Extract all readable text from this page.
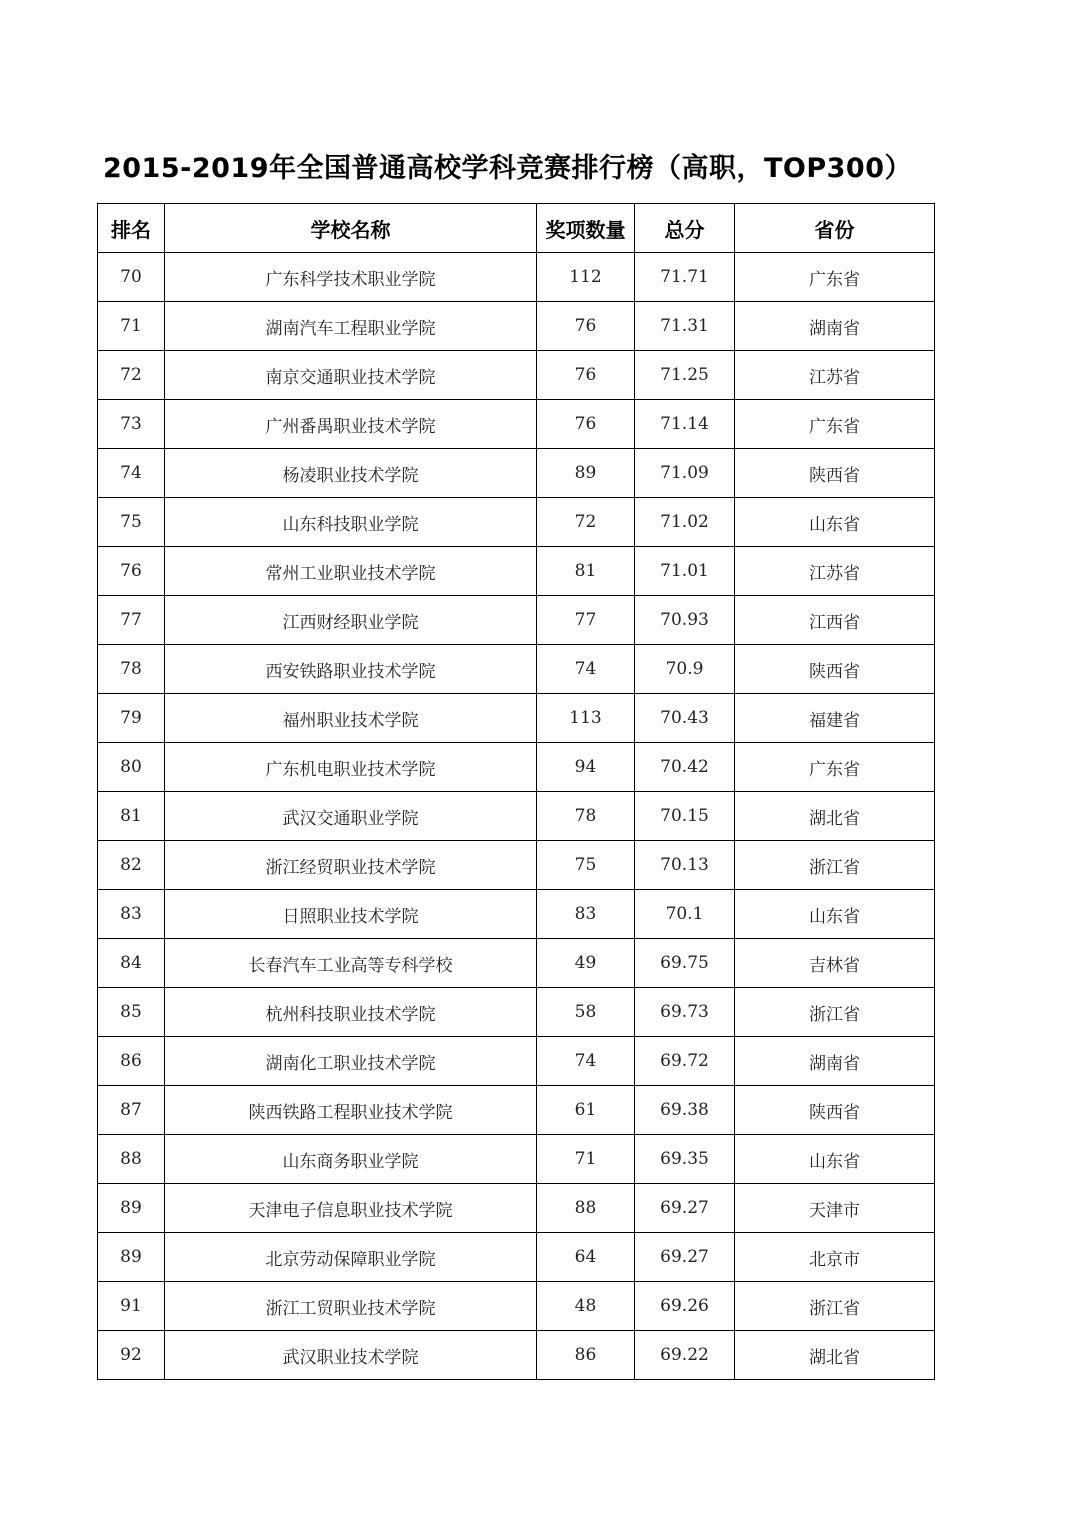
2015-2019年全国普通高校学科竞赛排行榜（高职，TOP300）
排名	学校名称	奖项数量	总分	省份
70	广东科学技术职业学院	112	71.71	广东省
71	湖南汽车工程职业学院	76	71.31	湖南省
72	南京交通职业技术学院	76	71.25	江苏省
73	广州番禺职业技术学院	76	71.14	广东省
74	杨凌职业技术学院	89	71.09	陕西省
75	山东科技职业学院	72	71.02	山东省
76	常州工业职业技术学院	81	71.01	江苏省
77	江西财经职业学院	77	70.93	江西省
78	西安铁路职业技术学院	74	70.9	陕西省
79	福州职业技术学院	113	70.43	福建省
80	广东机电职业技术学院	94	70.42	广东省
81	武汉交通职业学院	78	70.15	湖北省
82	浙江经贸职业技术学院	75	70.13	浙江省
83	日照职业技术学院	83	70.1	山东省
84	长春汽车工业高等专科学校	49	69.75	吉林省
85	杭州科技职业技术学院	58	69.73	浙江省
86	湖南化工职业技术学院	74	69.72	湖南省
87	陕西铁路工程职业技术学院	61	69.38	陕西省
88	山东商务职业学院	71	69.35	山东省
89	天津电子信息职业技术学院	88	69.27	天津市
89	北京劳动保障职业学院	64	69.27	北京市
91	浙江工贸职业技术学院	48	69.26	浙江省
92	武汉职业技术学院	86	69.22	湖北省
